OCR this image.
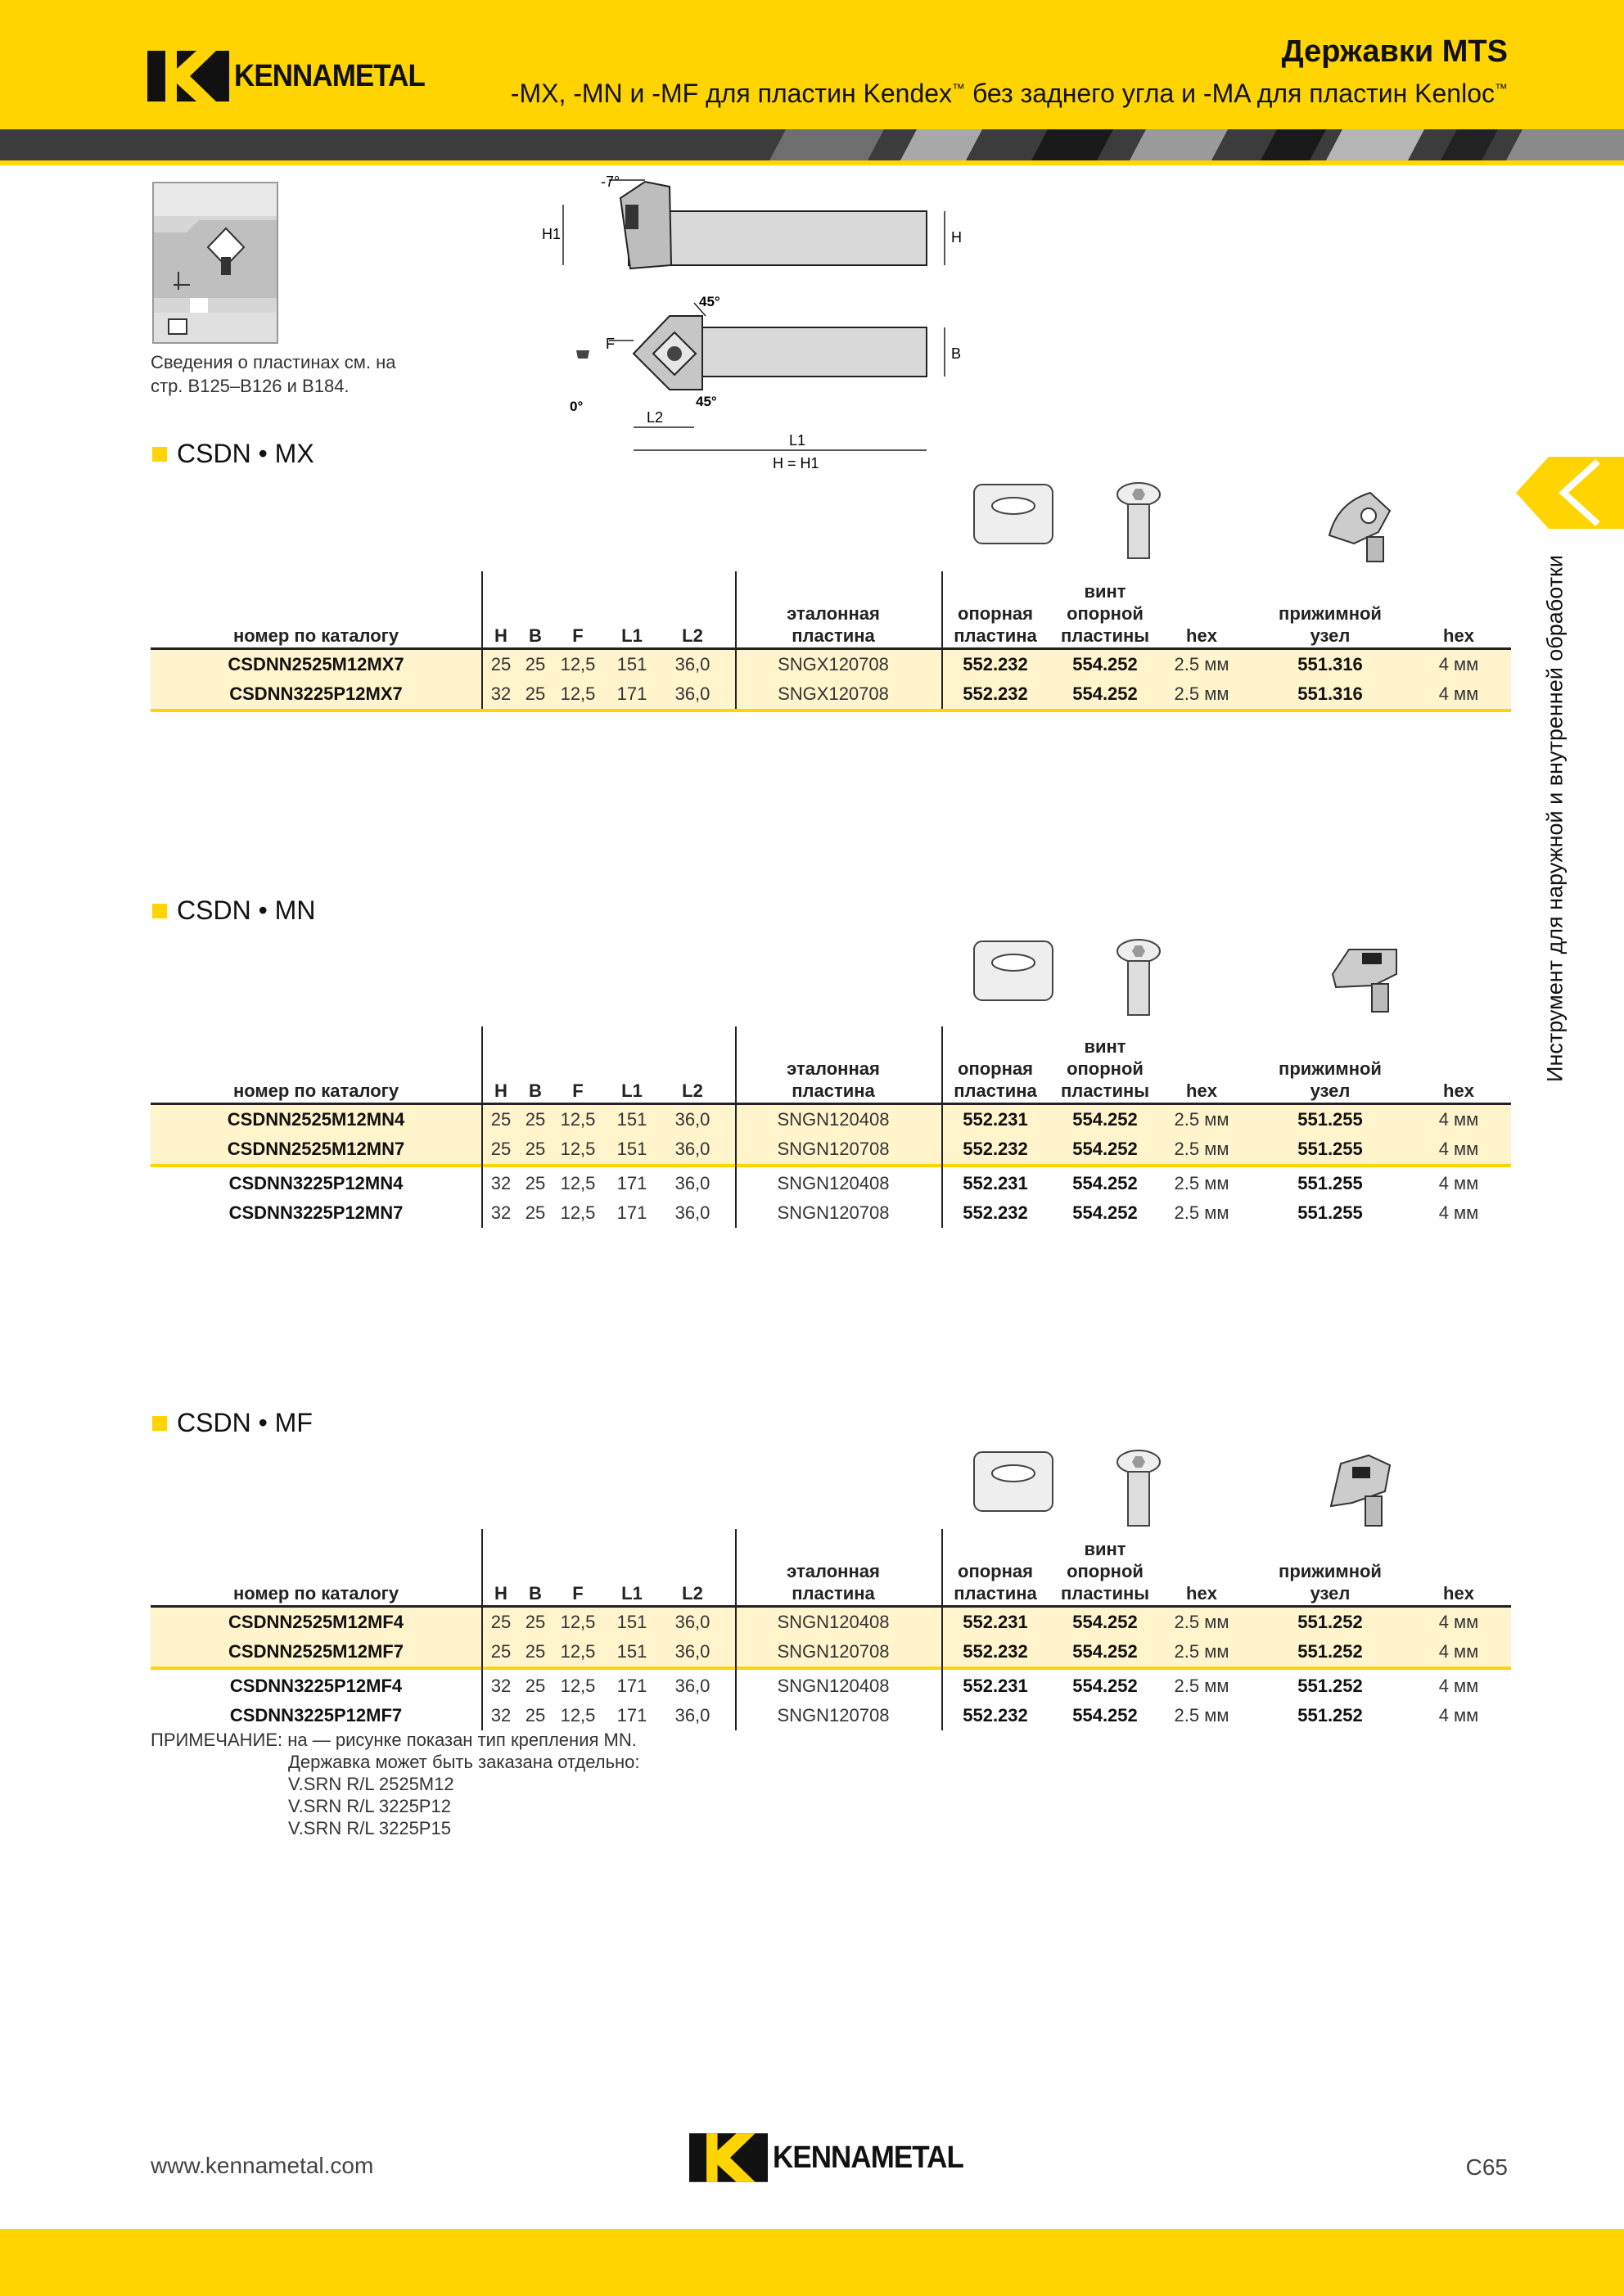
KENNAMETAL
Державки MTS
-MX, -MN и -MF для пластин Kendex™ без заднего угла и -MA для пластин Kenloc™
Инструмент для наружной и внутренней обработки
Сведения о пластинах см. на
стр. B125–B126 и B184.
-7°
H1	H
F
45°
45°
0°
B
L2
L1
H = H1
CSDN • MX
номер по каталогу	H	B	F	L1	L2
эталонная
пластина
опорная
пластина
винт
опорной
пластины	hex
прижимной
узел	hex
CSDNN2525M12MX7	25 25 12,5	151	36,0	SNGX120708	552.232	554.252	2.5 мм	551.316	4 мм
CSDNN3225P12MX7	32 25 12,5	171	36,0	SNGX120708	552.232	554.252	2.5 мм	551.316	4 мм
CSDN • MN
номер по каталогу	H	B	F	L1	L2
эталонная
пластина
опорная
пластина
винт
опорной
пластины	hex
прижимной
узел	hex
CSDNN2525M12MN4	25 25 12,5	151	36,0	SNGN120408	552.231	554.252	2.5 мм	551.255	4 мм
CSDNN2525M12MN7	25 25 12,5	151	36,0	SNGN120708	552.232	554.252	2.5 мм	551.255	4 мм
CSDNN3225P12MN4	32 25 12,5	171	36,0	SNGN120408	552.231	554.252	2.5 мм	551.255	4 мм
CSDNN3225P12MN7	32 25 12,5	171	36,0	SNGN120708	552.232	554.252	2.5 мм	551.255	4 мм
CSDN • MF
номер по каталогу	H	B	F	L1	L2
эталонная
пластина
опорная
пластина
винт
опорной
пластины	hex
прижимной
узел	hex
CSDNN2525M12MF4	25 25 12,5	151	36,0	SNGN120408	552.231	554.252	2.5 мм	551.252	4 мм
CSDNN2525M12MF7	25 25 12,5	151	36,0	SNGN120708	552.232	554.252	2.5 мм	551.252	4 мм
CSDNN3225P12MF4	32 25 12,5	171	36,0	SNGN120408	552.231	554.252	2.5 мм	551.252	4 мм
CSDNN3225P12MF7	32 25 12,5	171	36,0	SNGN120708	552.232	554.252	2.5 мм	551.252	4 мм
ПРИМЕЧАНИЕ: на — рисунке показан тип крепления MN.
Державка может быть заказана отдельно:
V.SRN R/L 2525M12
V.SRN R/L 3225P12
V.SRN R/L 3225P15
www.kennametal.com	KENNAMETAL	C65
